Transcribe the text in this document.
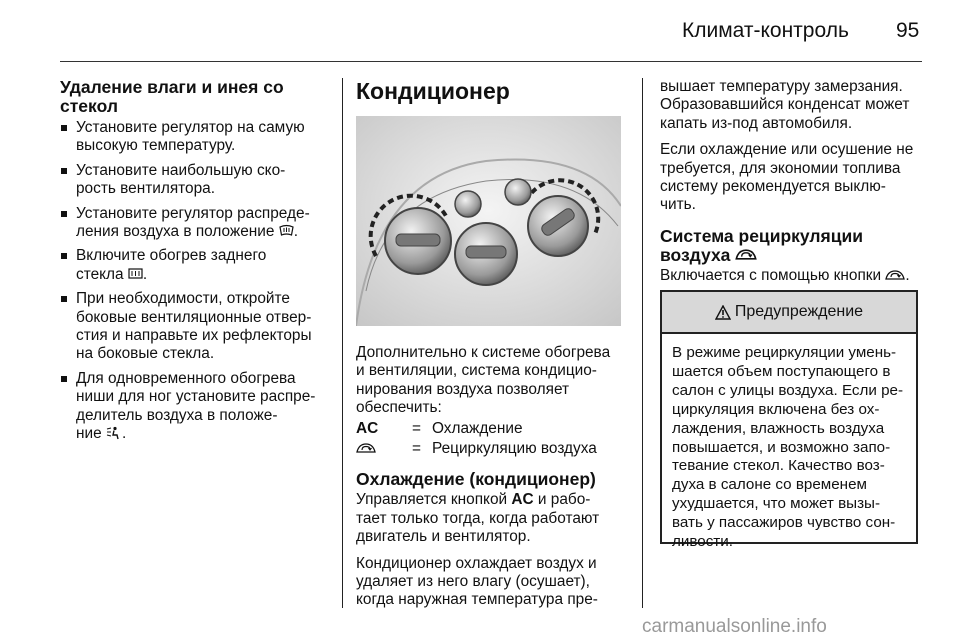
Климат-контроль 95
Удаление влаги и инея со
стекол
Установите регулятор на самую
высокую температуру.
Установите наибольшую ско-
рость вентилятора.
Установите регулятор распреде-
ления воздуха в положение .
Включите обогрев заднего
стекла .
При необходимости, откройте
боковые вентиляционные отвер-
стия и направьте их рефлекторы
на боковые стекла.
Для одновременного обогрева
ниши для ног установите распре-
делитель воздуха в положе-
ние .
Кондиционер

Дополнительно к системе обогрева
и вентиляции, система кондицио-
нирования воздуха позволяет
обеспечить:

AC	= Охлаждение
= Рециркуляцию воздуха
Охлаждение (кондиционер)

Управляется кнопкой AC и рабо-
тает только тогда, когда работают
двигатель и вентилятор.

Кондиционер охлаждает воздух и
удаляет из него влагу (осушает),
когда наружная температура пре-

вышает температуру замерзания.
Образовавшийся конденсат может
капать из-под автомобиля.

Если охлаждение или осушение не
требуется, для экономии топлива
систему рекомендуется выклю-
чить.

Система рециркуляции
воздуха

Включается с помощью кнопки .

Предупреждение
В режиме рециркуляции умень-
шается объем поступающего в
салон с улицы воздуха. Если ре-
циркуляция включена без ох-
лаждения, влажность воздуха
повышается, и возможно запо-
тевание стекол. Качество воз-
духа в салоне со временем
ухудшается, что может вызы-
вать у пассажиров чувство сон-
ливости.
carmanualsonline.info
